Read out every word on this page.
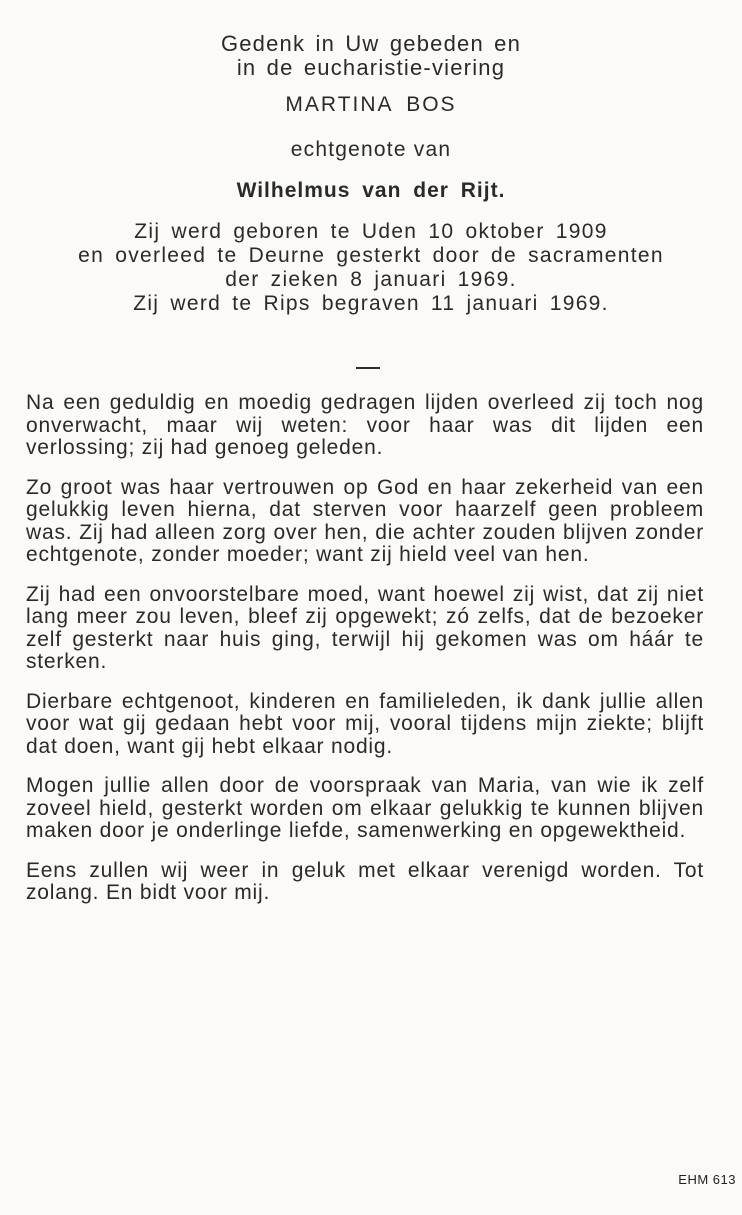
Gedenk in Uw gebeden en
in de eucharistie-viering
MARTINA BOS
echtgenote van
Wilhelmus van der Rijt.
Zij werd geboren te Uden 10 oktober 1909
en overleed te Deurne gesterkt door de sacramenten
der zieken 8 januari 1969.
Zij werd te Rips begraven 11 januari 1969.

Na een geduldig en moedig gedragen lijden overleed zij toch nog onverwacht, maar wij weten: voor haar was dit lijden een verlossing; zij had genoeg geleden.

Zo groot was haar vertrouwen op God en haar zekerheid van een gelukkig leven hierna, dat sterven voor haarzelf geen probleem was. Zij had alleen zorg over hen, die achter zouden blijven zonder echtgenote, zonder moeder; want zij hield veel van hen.

Zij had een onvoorstelbare moed, want hoewel zij wist, dat zij niet lang meer zou leven, bleef zij opgewekt; zó zelfs, dat de bezoeker zelf gesterkt naar huis ging, terwijl hij gekomen was om háár te sterken.

Dierbare echtgenoot, kinderen en familieleden, ik dank jullie allen voor wat gij gedaan hebt voor mij, vooral tijdens mijn ziekte; blijft dat doen, want gij hebt elkaar nodig.

Mogen jullie allen door de voorspraak van Maria, van wie ik zelf zoveel hield, gesterkt worden om elkaar gelukkig te kunnen blijven maken door je onderlinge liefde, samenwerking en opgewektheid.

Eens zullen wij weer in geluk met elkaar verenigd worden. Tot zolang. En bidt voor mij.

EHM 613
